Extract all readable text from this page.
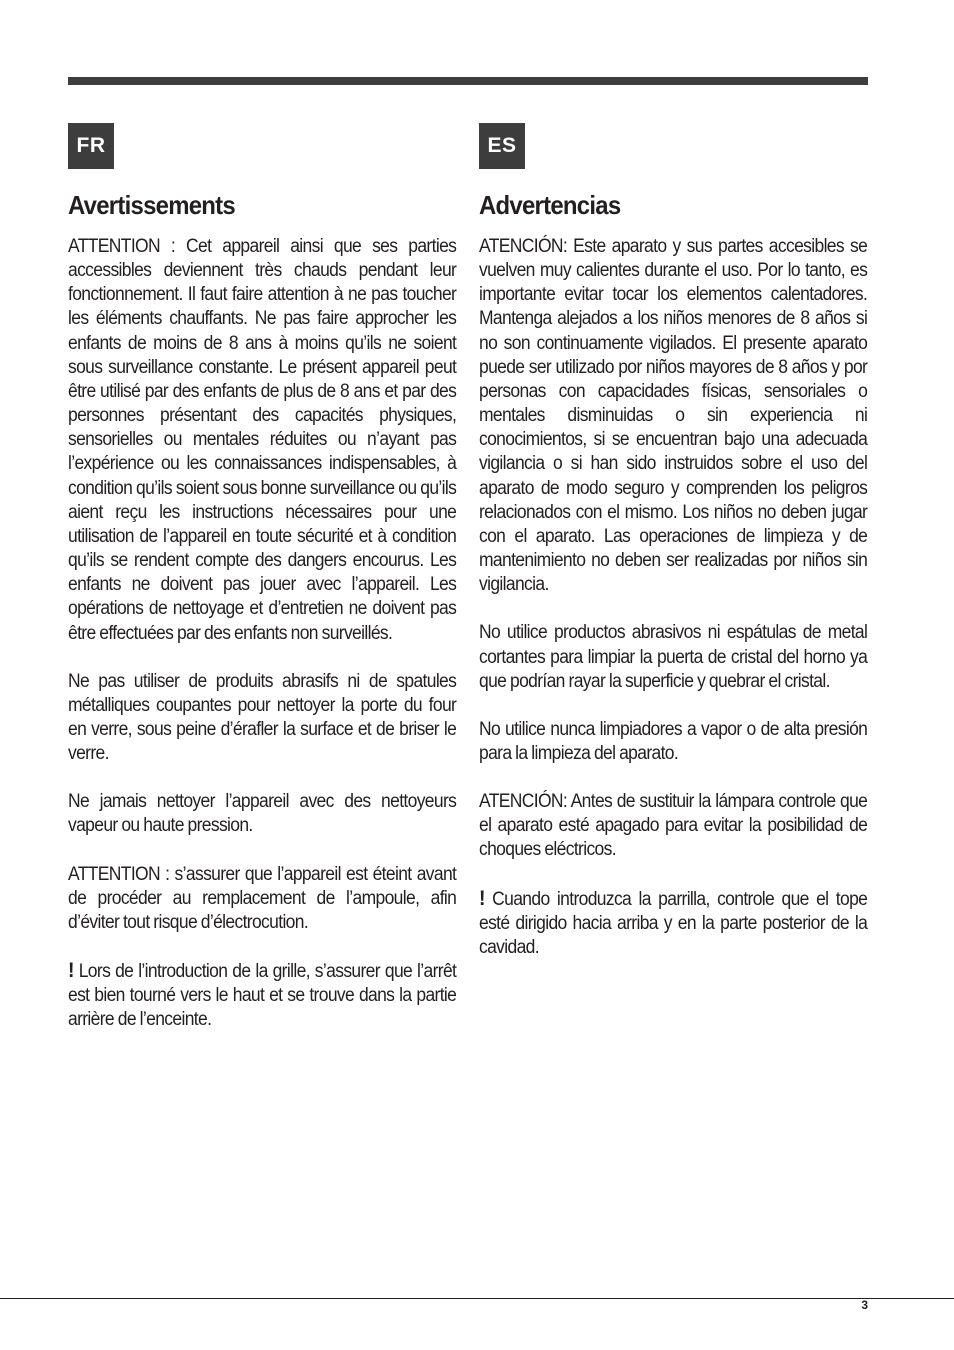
FR
Avertissements

ATTENTION : Cet appareil ainsi que ses parties accessibles deviennent très chauds pendant leur fonctionnement. Il faut faire attention à ne pas toucher les éléments chauffants. Ne pas faire approcher les enfants de moins de 8 ans à moins qu’ils ne soient sous surveillance constante. Le présent appareil peut être utilisé par des enfants de plus de 8 ans et par des personnes présentant des capacités physiques, sensorielles ou mentales réduites ou n’ayant pas l’expérience ou les connaissances indispensables, à condition qu’ils soient sous bonne surveillance ou qu’ils aient reçu les instructions nécessaires pour une utilisation de l’appareil en toute sécurité et à condition qu’ils se rendent compte des dangers encourus. Les enfants ne doivent pas jouer avec l’appareil. Les opérations de nettoyage et d’entretien ne doivent pas être effectuées par des enfants non surveillés.

Ne pas utiliser de produits abrasifs ni de spatules métalliques coupantes pour nettoyer la porte du four en verre, sous peine d’érafler la surface et de briser le verre.

Ne jamais nettoyer l’appareil avec des nettoyeurs vapeur ou haute pression.

ATTENTION : s’assurer que l’appareil est éteint avant de procéder au remplacement de l’ampoule, afin d’éviter tout risque d’électrocution.

! Lors de l’introduction de la grille, s’assurer que l’arrêt est bien tourné vers le haut et se trouve dans la partie arrière de l’enceinte.

ES
Advertencias

ATENCIÓN: Este aparato y sus partes accesibles se vuelven muy calientes durante el uso. Por lo tanto, es importante evitar tocar los elementos calentadores. Mantenga alejados a los niños menores de 8 años si no son continuamente vigilados. El presente aparato puede ser utilizado por niños mayores de 8 años y por personas con capacidades físicas, sensoriales o mentales disminuidas o sin experiencia ni conocimientos, si se encuentran bajo una adecuada vigilancia o si han sido instruidos sobre el uso del aparato de modo seguro y comprenden los peligros relacionados con el mismo. Los niños no deben jugar con el aparato. Las operaciones de limpieza y de mantenimiento no deben ser realizadas por niños sin vigilancia.

No utilice productos abrasivos ni espátulas de metal cortantes para limpiar la puerta de cristal del horno ya que podrían rayar la superficie y quebrar el cristal.

No utilice nunca limpiadores a vapor o de alta presión para la limpieza del aparato.

ATENCIÓN: Antes de sustituir la lámpara controle que el aparato esté apagado para evitar la posibilidad de choques eléctricos.

! Cuando introduzca la parrilla, controle que el tope esté dirigido hacia arriba y en la parte posterior de la cavidad.

3
